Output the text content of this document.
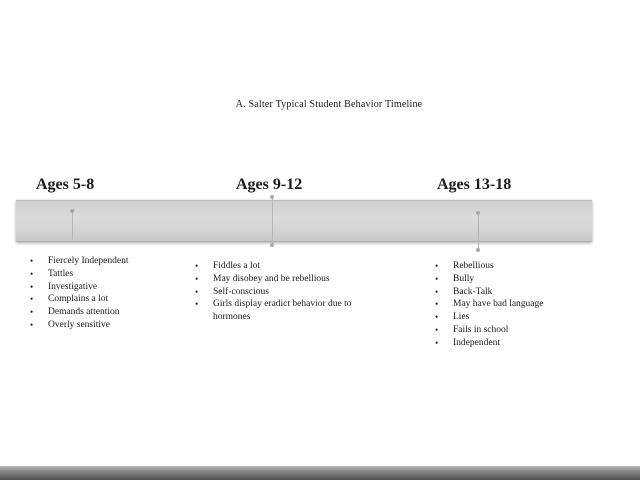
A. Salter Typical Student Behavior Timeline
Ages 5-8	Ages 9-12	Ages 13-18
• Fiercely Independent
• Tattles
• Investigative
• Complains a lot
• Demands attention
• Overly sensitive
• Fiddles a lot
• May disobey and be rebellious
• Self-conscious
• Girls display eradict behavior due to hormones
• Rebellious
• Bully
• Back-Talk
• May have bad language
• Lies
• Fails in school
• Independent
